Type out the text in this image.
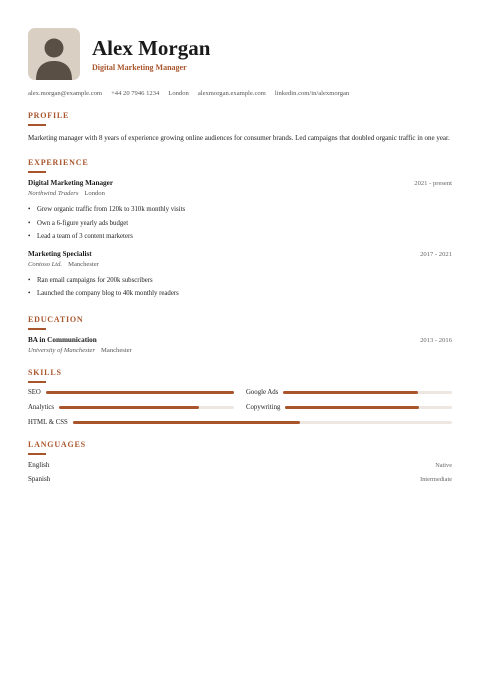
Alex Morgan
Digital Marketing Manager
alex.morgan@example.com +44 20 7946 1234 London alexmorgan.example.com linkedin.com/in/alexmorgan
PROFILE

Marketing manager with 8 years of experience growing online audiences for consumer brands. Led campaigns that doubled organic traffic in one year.

EXPERIENCE
Digital Marketing Manager	2021 - present
Northwind Traders London
• Grew organic traffic from 120k to 310k monthly visits
• Own a 6-figure yearly ads budget
• Lead a team of 3 content marketers
Marketing Specialist	2017 - 2021
Contoso Ltd. Manchester
• Ran email campaigns for 200k subscribers
• Launched the company blog to 40k monthly readers
EDUCATION
BA in Communication	2013 - 2016
University of Manchester Manchester
SKILLS
SEO	Google Ads
Analytics	Copywriting
HTML & CSS
LANGUAGES
English	Native
Spanish	Intermediate
